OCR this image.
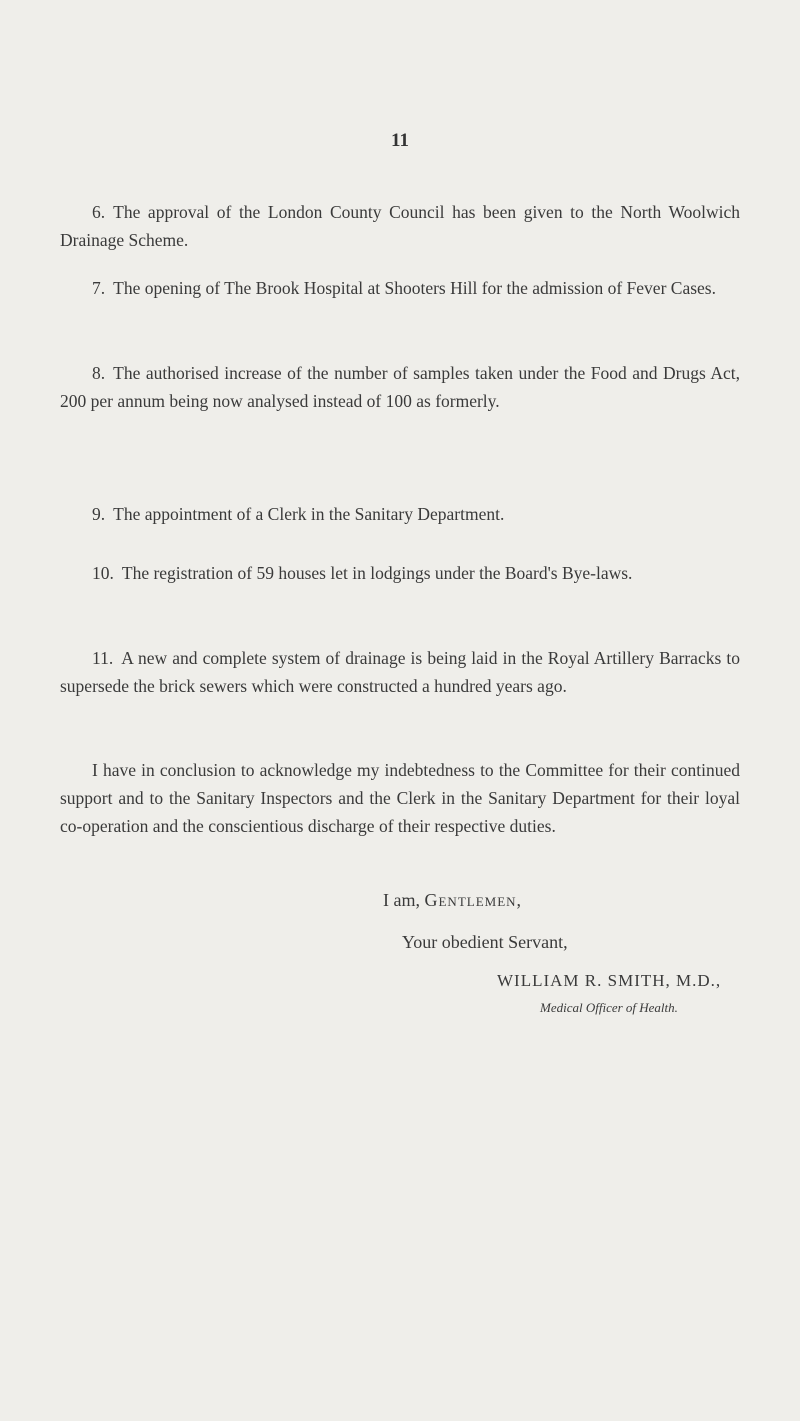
11

6. The approval of the London County Council has been given to the North Woolwich Drainage Scheme.

7. The opening of The Brook Hospital at Shooters Hill for the admission of Fever Cases.

8. The authorised increase of the number of samples taken under the Food and Drugs Act, 200 per annum being now analysed instead of 100 as formerly.

9. The appointment of a Clerk in the Sanitary Department.

10. The registration of 59 houses let in lodgings under the Board's Bye-laws.

11. A new and complete system of drainage is being laid in the Royal Artillery Barracks to supersede the brick sewers which were constructed a hundred years ago.

I have in conclusion to acknowledge my indebtedness to the Committee for their continued support and to the Sanitary Inspectors and the Clerk in the Sanitary Department for their loyal co-operation and the conscientious discharge of their respective duties.

I am, Gentlemen,
Your obedient Servant,
WILLIAM R. SMITH, M.D.,
Medical Officer of Health.
